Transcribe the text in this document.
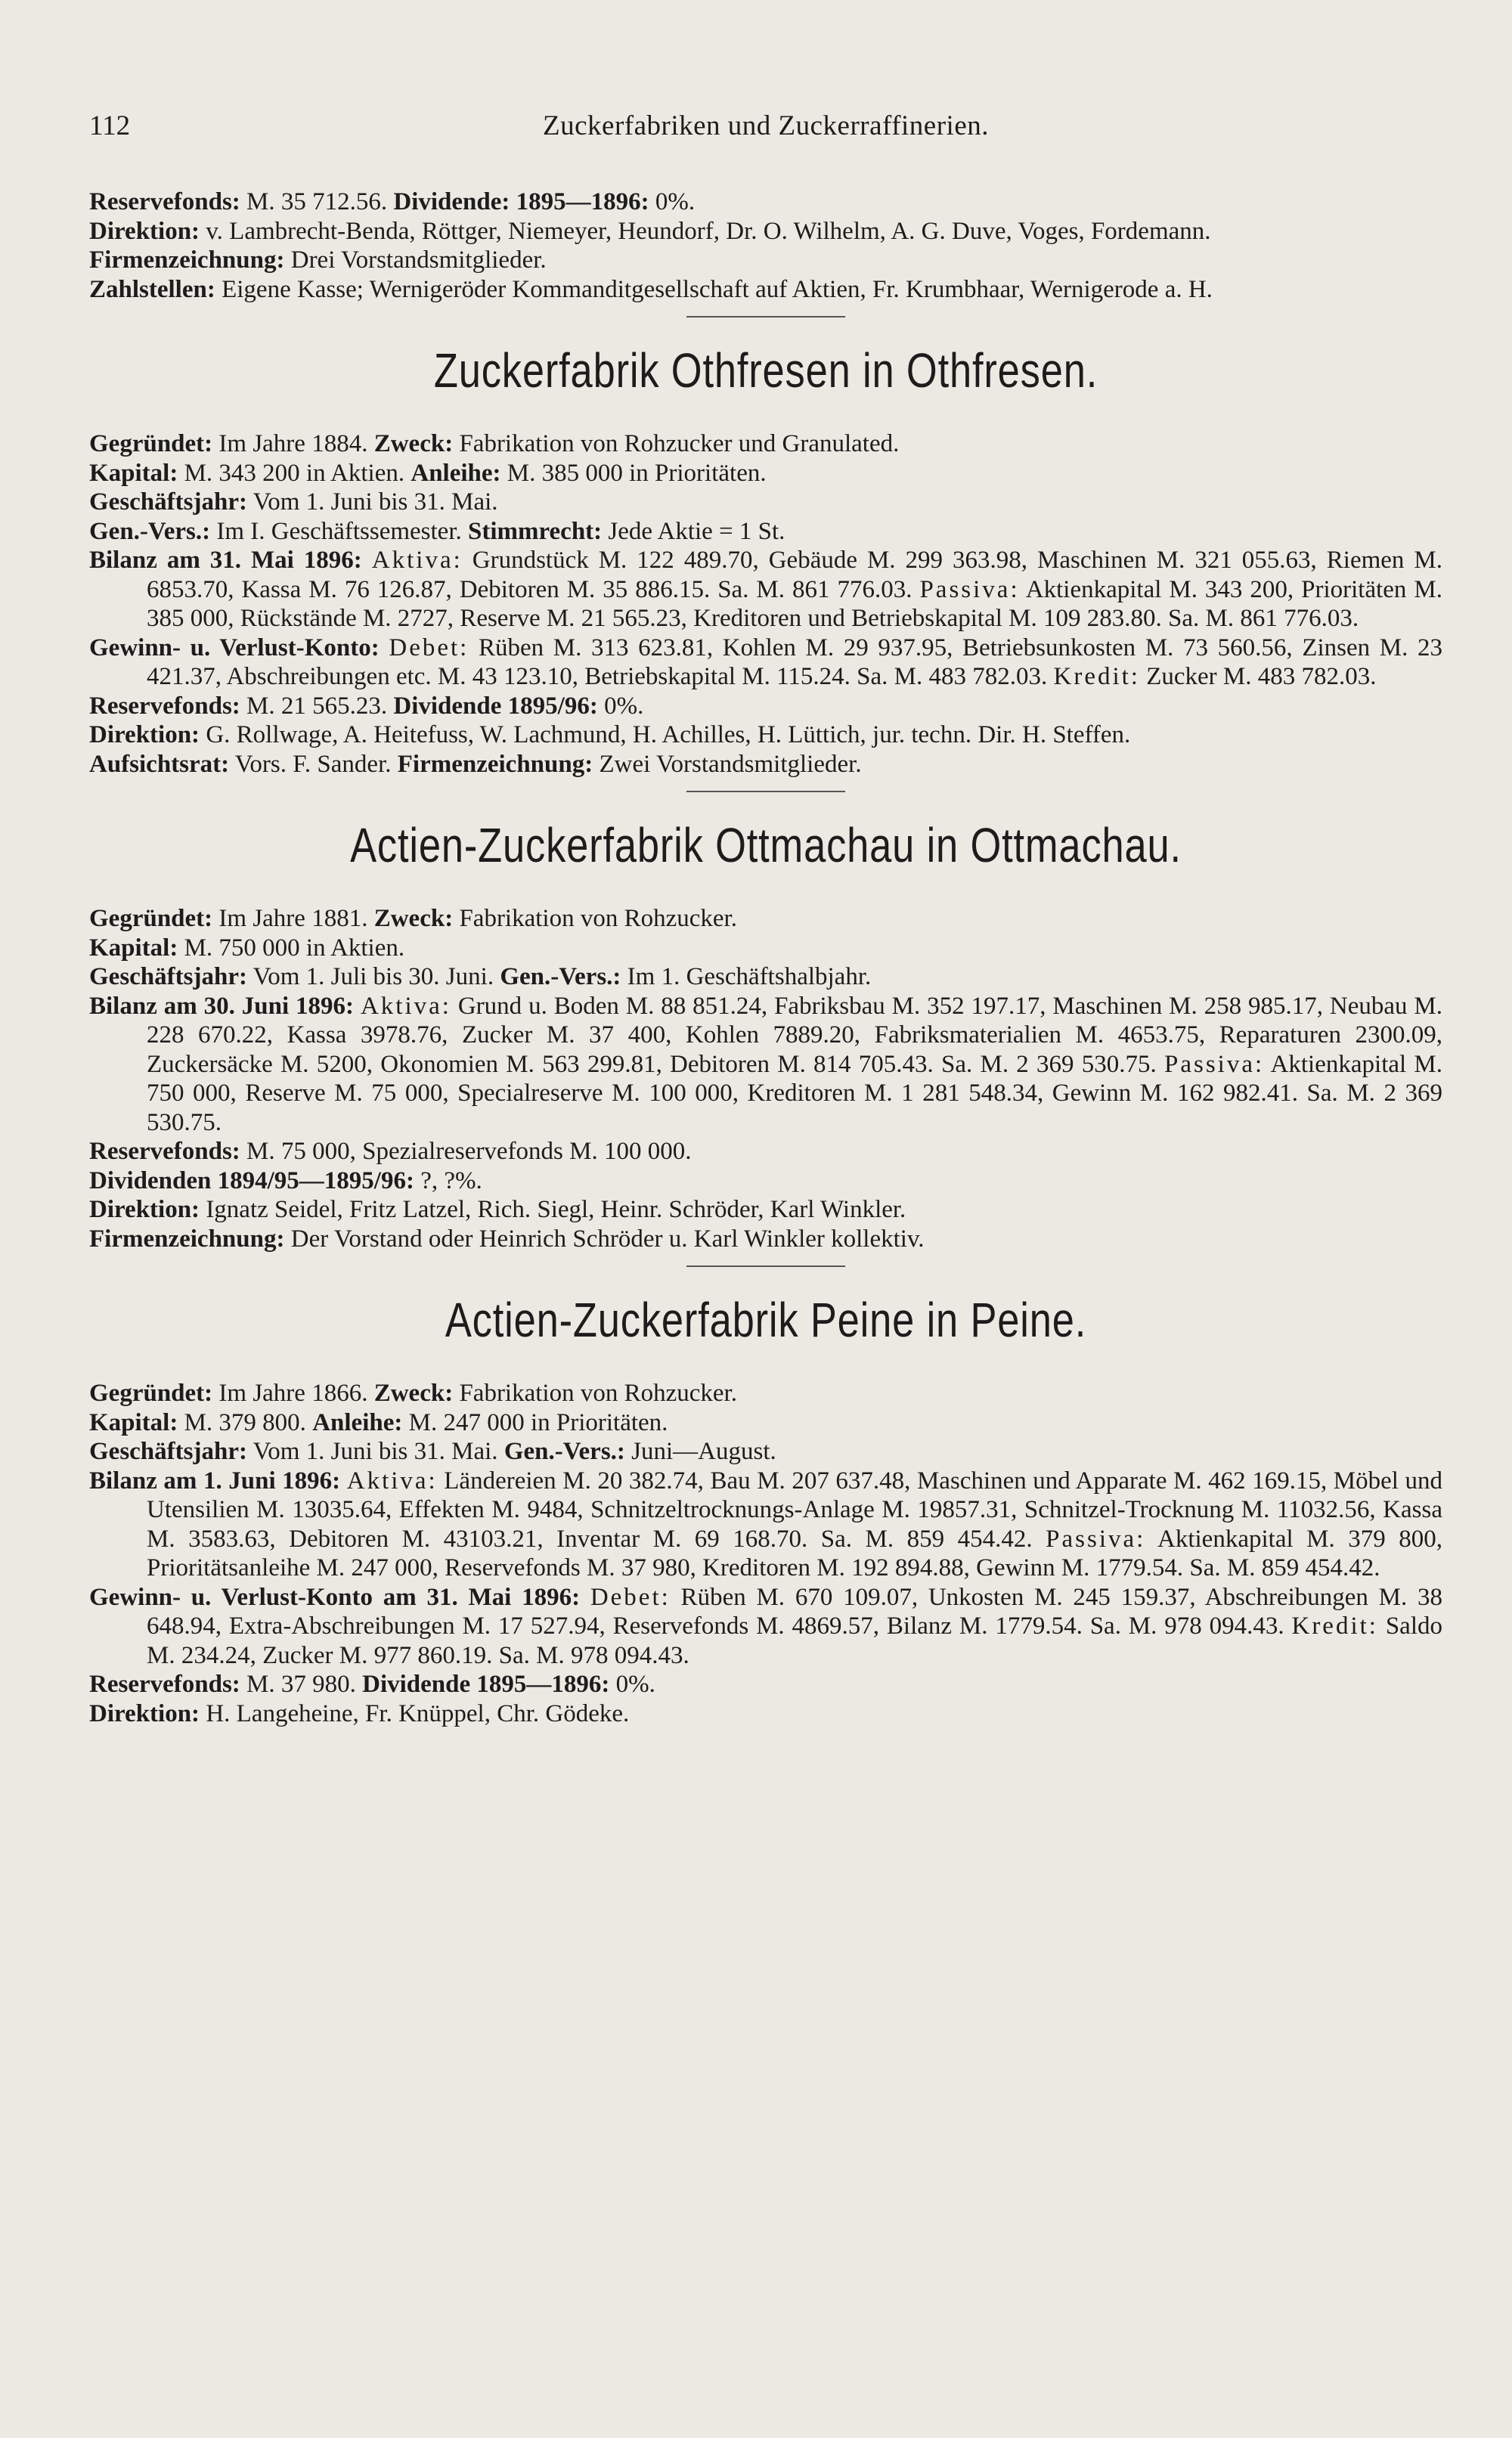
112	Zuckerfabriken und Zuckerraffinerien.
Reservefonds: M. 35 712.56. Dividende: 1895—1896: 0%.
Direktion: v. Lambrecht-Benda, Röttger, Niemeyer, Heundorf, Dr. O. Wilhelm, A. G. Duve, Voges, Fordemann.
Firmenzeichnung: Drei Vorstandsmitglieder.
Zahlstellen: Eigene Kasse; Wernigeröder Kommanditgesellschaft auf Aktien, Fr. Krumbhaar, Wernigerode a. H.
Zuckerfabrik Othfresen in Othfresen.
Gegründet: Im Jahre 1884. Zweck: Fabrikation von Rohzucker und Granulated.
Kapital: M. 343 200 in Aktien. Anleihe: M. 385 000 in Prioritäten.
Geschäftsjahr: Vom 1. Juni bis 31. Mai.
Gen.-Vers.: Im I. Geschäftssemester. Stimmrecht: Jede Aktie = 1 St.
Bilanz am 31. Mai 1896: Aktiva: Grundstück M. 122 489.70, Gebäude M. 299 363.98, Maschinen M. 321 055.63, Riemen M. 6853.70, Kassa M. 76 126.87, Debitoren M. 35 886.15. Sa. M. 861 776.03. Passiva: Aktienkapital M. 343 200, Prioritäten M. 385 000, Rückstände M. 2727, Reserve M. 21 565.23, Kreditoren und Betriebskapital M. 109 283.80. Sa. M. 861 776.03.
Gewinn- u. Verlust-Konto: Debet: Rüben M. 313 623.81, Kohlen M. 29 937.95, Betriebsunkosten M. 73 560.56, Zinsen M. 23 421.37, Abschreibungen etc. M. 43 123.10, Betriebskapital M. 115.24. Sa. M. 483 782.03. Kredit: Zucker M. 483 782.03.
Reservefonds: M. 21 565.23. Dividende 1895/96: 0%.
Direktion: G. Rollwage, A. Heitefuss, W. Lachmund, H. Achilles, H. Lüttich, jur. techn. Dir. H. Steffen.
Aufsichtsrat: Vors. F. Sander. Firmenzeichnung: Zwei Vorstandsmitglieder.
Actien-Zuckerfabrik Ottmachau in Ottmachau.
Gegründet: Im Jahre 1881. Zweck: Fabrikation von Rohzucker.
Kapital: M. 750 000 in Aktien.
Geschäftsjahr: Vom 1. Juli bis 30. Juni. Gen.-Vers.: Im 1. Geschäftshalbjahr.
Bilanz am 30. Juni 1896: Aktiva: Grund u. Boden M. 88 851.24, Fabriksbau M. 352 197.17, Maschinen M. 258 985.17, Neubau M. 228 670.22, Kassa 3978.76, Zucker M. 37 400, Kohlen 7889.20, Fabriksmaterialien M. 4653.75, Reparaturen 2300.09, Zuckersäcke M. 5200, Okonomien M. 563 299.81, Debitoren M. 814 705.43. Sa. M. 2 369 530.75. Passiva: Aktienkapital M. 750 000, Reserve M. 75 000, Specialreserve M. 100 000, Kreditoren M. 1 281 548.34, Gewinn M. 162 982.41. Sa. M. 2 369 530.75.
Reservefonds: M. 75 000, Spezialreservefonds M. 100 000.
Dividenden 1894/95—1895/96: ?, ?%.
Direktion: Ignatz Seidel, Fritz Latzel, Rich. Siegl, Heinr. Schröder, Karl Winkler.
Firmenzeichnung: Der Vorstand oder Heinrich Schröder u. Karl Winkler kollektiv.
Actien-Zuckerfabrik Peine in Peine.
Gegründet: Im Jahre 1866. Zweck: Fabrikation von Rohzucker.
Kapital: M. 379 800. Anleihe: M. 247 000 in Prioritäten.
Geschäftsjahr: Vom 1. Juni bis 31. Mai. Gen.-Vers.: Juni—August.
Bilanz am 1. Juni 1896: Aktiva: Ländereien M. 20 382.74, Bau M. 207 637.48, Maschinen und Apparate M. 462 169.15, Möbel und Utensilien M. 13035.64, Effekten M. 9484, Schnitzeltrocknungs-Anlage M. 19857.31, Schnitzel-Trocknung M. 11032.56, Kassa M. 3583.63, Debitoren M. 43103.21, Inventar M. 69 168.70. Sa. M. 859 454.42. Passiva: Aktienkapital M. 379 800, Prioritätsanleihe M. 247 000, Reservefonds M. 37 980, Kreditoren M. 192 894.88, Gewinn M. 1779.54. Sa. M. 859 454.42.
Gewinn- u. Verlust-Konto am 31. Mai 1896: Debet: Rüben M. 670 109.07, Unkosten M. 245 159.37, Abschreibungen M. 38 648.94, Extra-Abschreibungen M. 17 527.94, Reservefonds M. 4869.57, Bilanz M. 1779.54. Sa. M. 978 094.43. Kredit: Saldo M. 234.24, Zucker M. 977 860.19. Sa. M. 978 094.43.
Reservefonds: M. 37 980. Dividende 1895—1896: 0%.
Direktion: H. Langeheine, Fr. Knüppel, Chr. Gödeke.
